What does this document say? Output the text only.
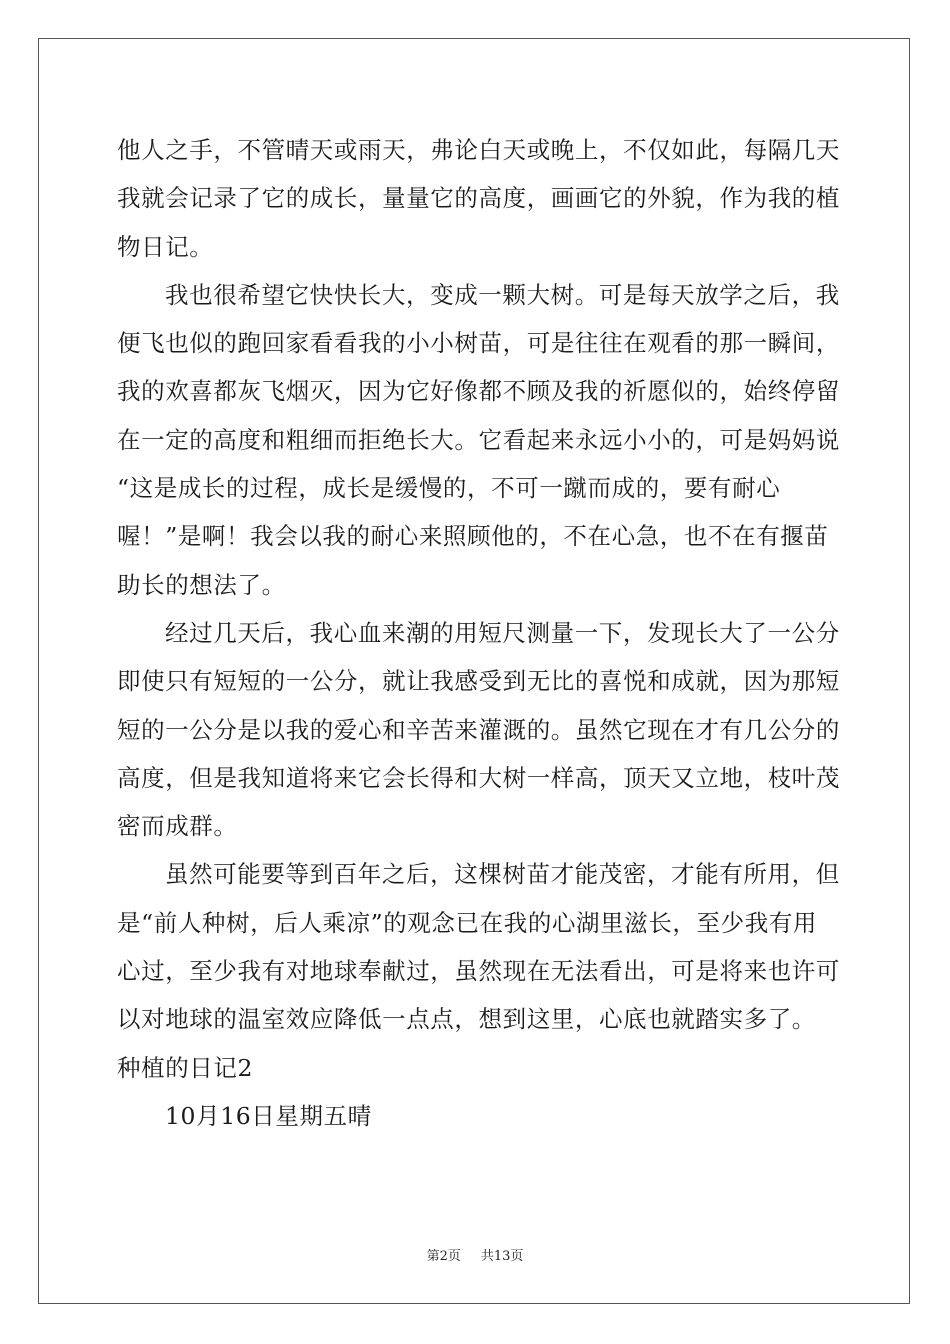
他人之手，不管晴天或雨天，弗论白天或晚上，不仅如此，每隔几天
我就会记录了它的成长，量量它的高度，画画它的外貌，作为我的植
物日记。
我也很希望它快快长大，变成一颗大树。可是每天放学之后，我
便飞也似的跑回家看看我的小小树苗，可是往往在观看的那一瞬间，
我的欢喜都灰飞烟灭，因为它好像都不顾及我的祈愿似的，始终停留
在一定的高度和粗细而拒绝长大。它看起来永远小小的，可是妈妈说
“这是成长的过程，成长是缓慢的，不可一蹴而成的，要有耐心
喔！”是啊！我会以我的耐心来照顾他的，不在心急，也不在有揠苗
助长的想法了。
经过几天后，我心血来潮的用短尺测量一下，发现长大了一公分
即使只有短短的一公分，就让我感受到无比的喜悦和成就，因为那短
短的一公分是以我的爱心和辛苦来灌溉的。虽然它现在才有几公分的
高度，但是我知道将来它会长得和大树一样高，顶天又立地，枝叶茂
密而成群。
虽然可能要等到百年之后，这棵树苗才能茂密，才能有所用，但
是“前人种树，后人乘凉”的观念已在我的心湖里滋长，至少我有用
心过，至少我有对地球奉献过，虽然现在无法看出，可是将来也许可
以对地球的温室效应降低一点点，想到这里，心底也就踏实多了。
种植的日记2
10月16日星期五晴
第2页 共13页
